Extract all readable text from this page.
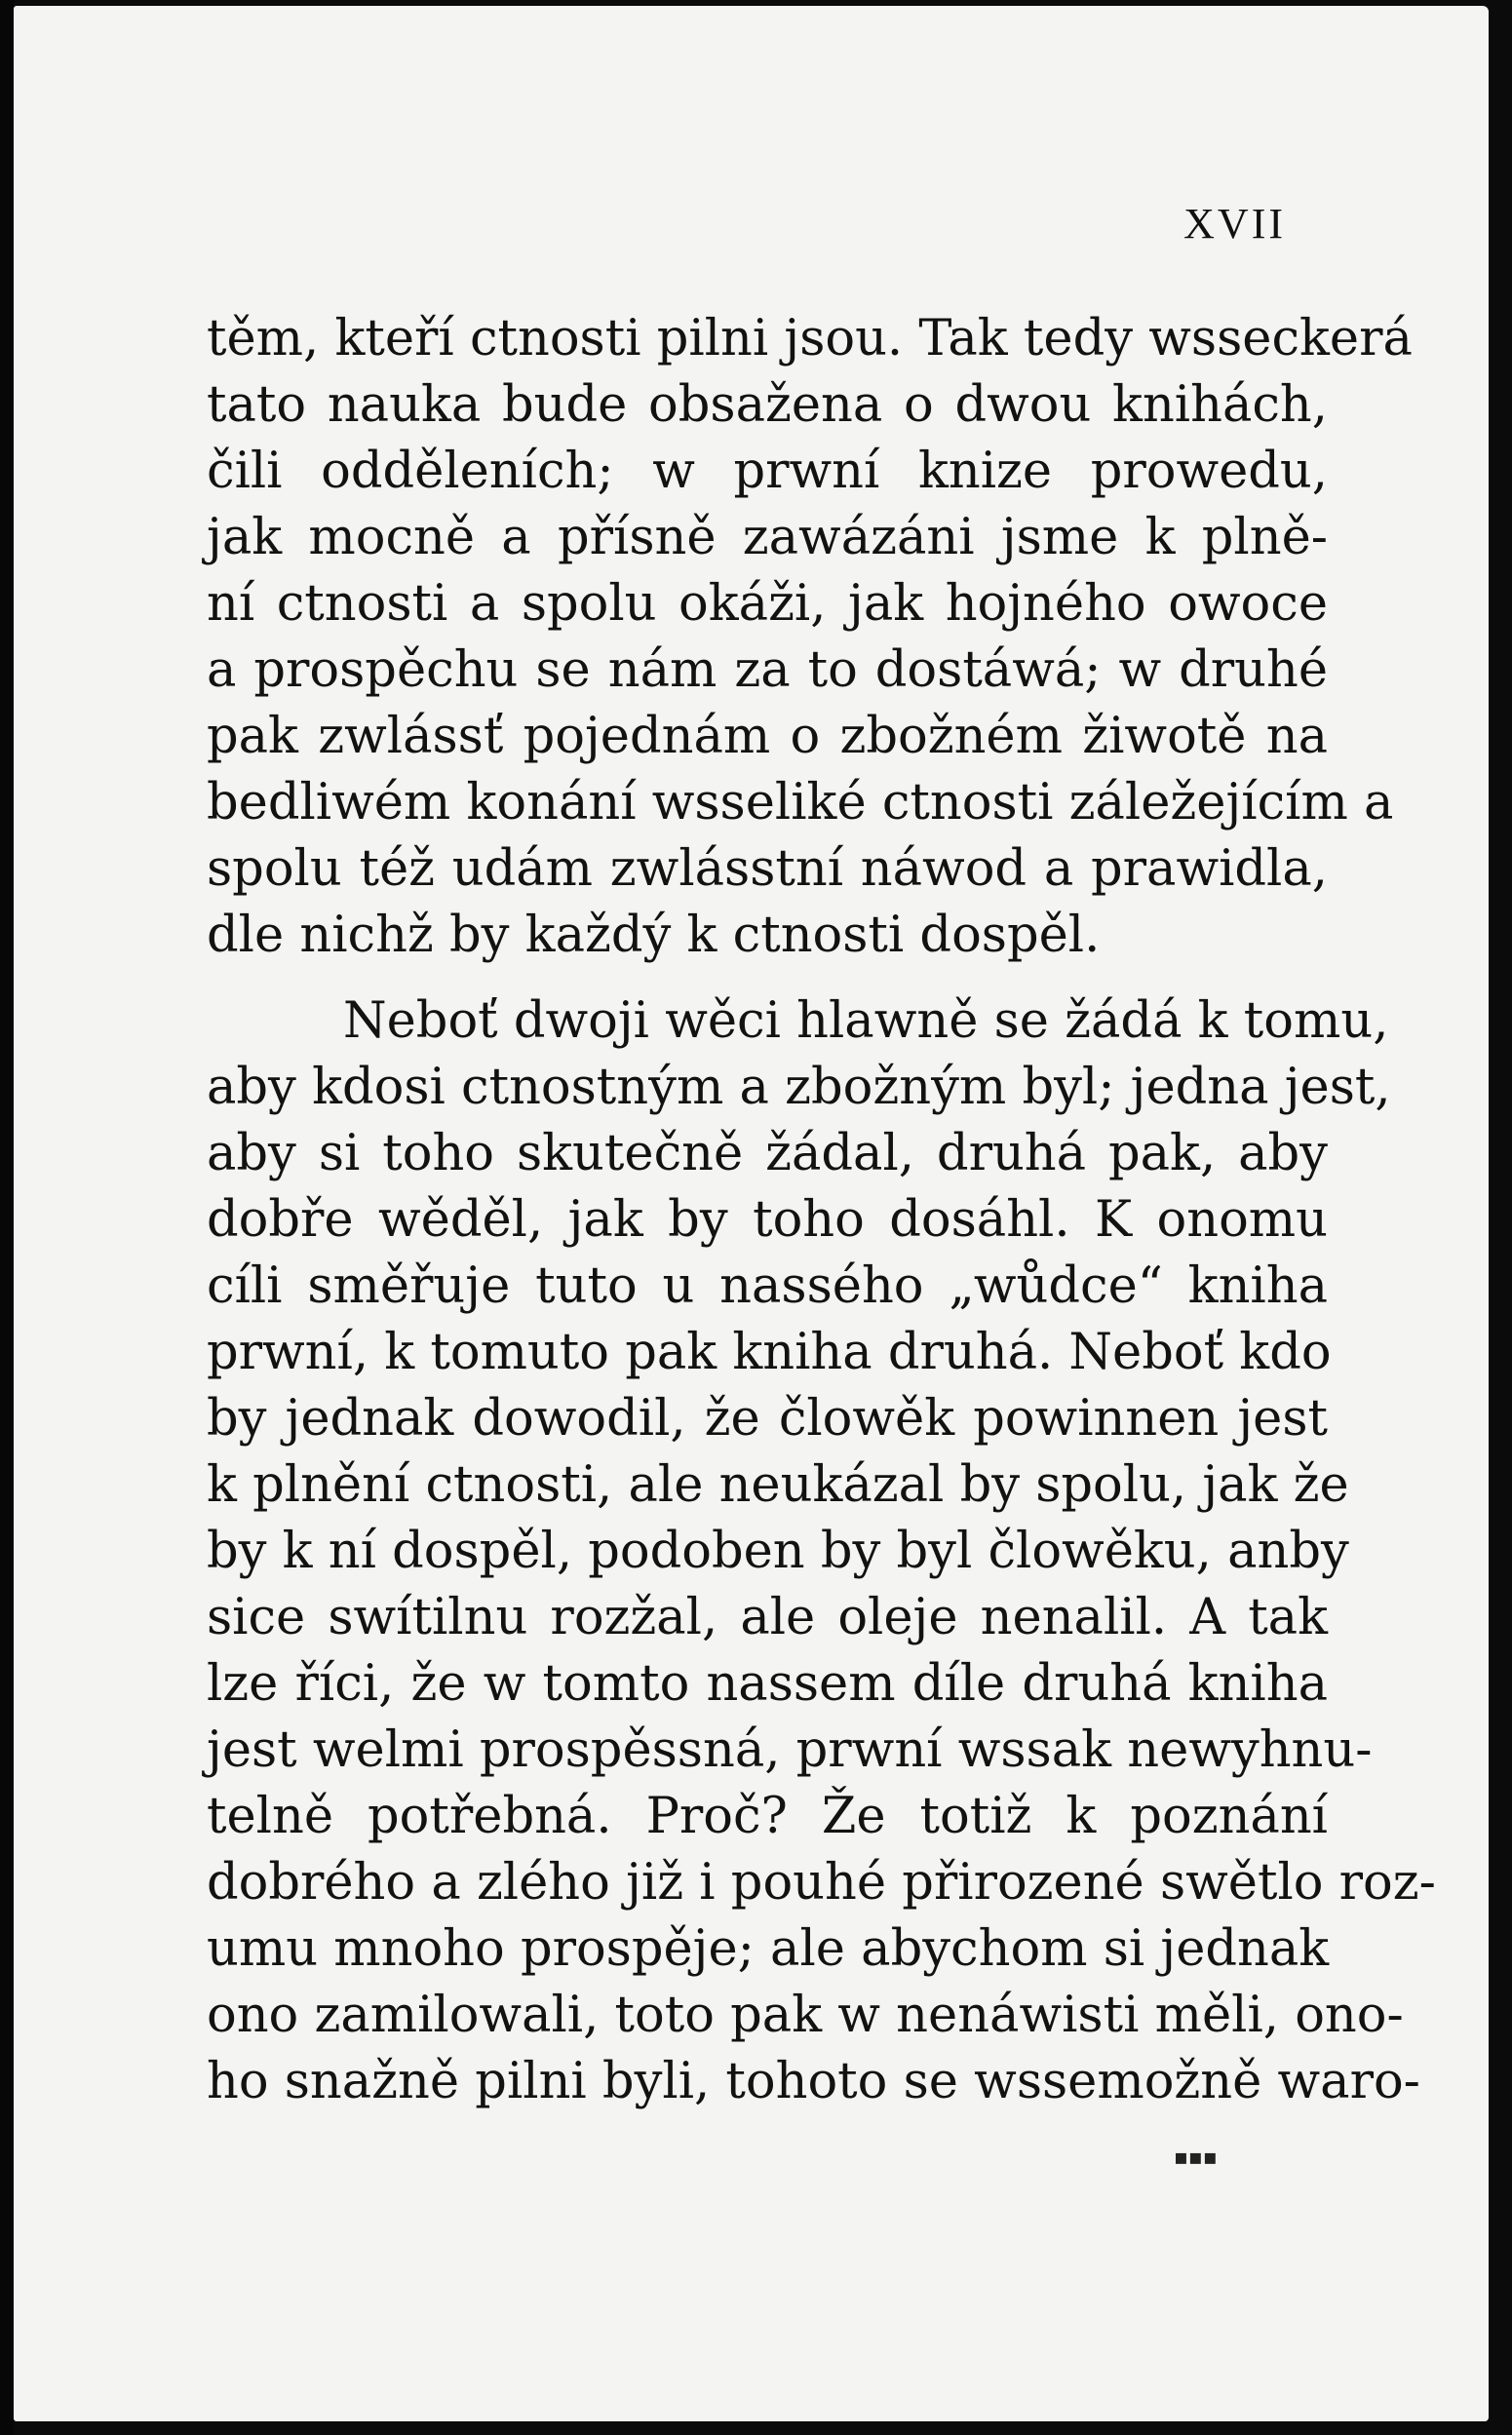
XVII
těm, kteří ctnosti pilni jsou. Tak tedy wsseckerá
tato nauka bude obsažena o dwou knihách,
čili odděleních; w prwní knize prowedu,
jak mocně a přísně zawázáni jsme k plně-
ní ctnosti a spolu okáži, jak hojného owoce
a prospěchu se nám za to dostáwá; w druhé
pak zwlássť pojednám o zbožném žiwotě na
bedliwém konání wsseliké ctnosti záležejícím a
spolu též udám zwlásstní náwod a prawidla,
dle nichž by každý k ctnosti dospěl.
Neboť dwoji wěci hlawně se žádá k tomu,
aby kdosi ctnostným a zbožným byl; jedna jest,
aby si toho skutečně žádal, druhá pak, aby
dobře wěděl, jak by toho dosáhl. K onomu
cíli směřuje tuto u nassého „wůdce“ kniha
prwní, k tomuto pak kniha druhá. Neboť kdo
by jednak dowodil, že člowěk powinnen jest
k plnění ctnosti, ale neukázal by spolu, jak že
by k ní dospěl, podoben by byl člowěku, anby
sice swítilnu rozžal, ale oleje nenalil. A tak
lze říci, že w tomto nassem díle druhá kniha
jest welmi prospěssná, prwní wssak newyhnu-
telně potřebná. Proč? Že totiž k poznání
dobrého a zlého již i pouhé přirozené swětlo roz-
umu mnoho prospěje; ale abychom si jednak
ono zamilowali, toto pak w nenáwisti měli, ono-
ho snažně pilni byli, tohoto se wssemožně waro-
▪▪▪
